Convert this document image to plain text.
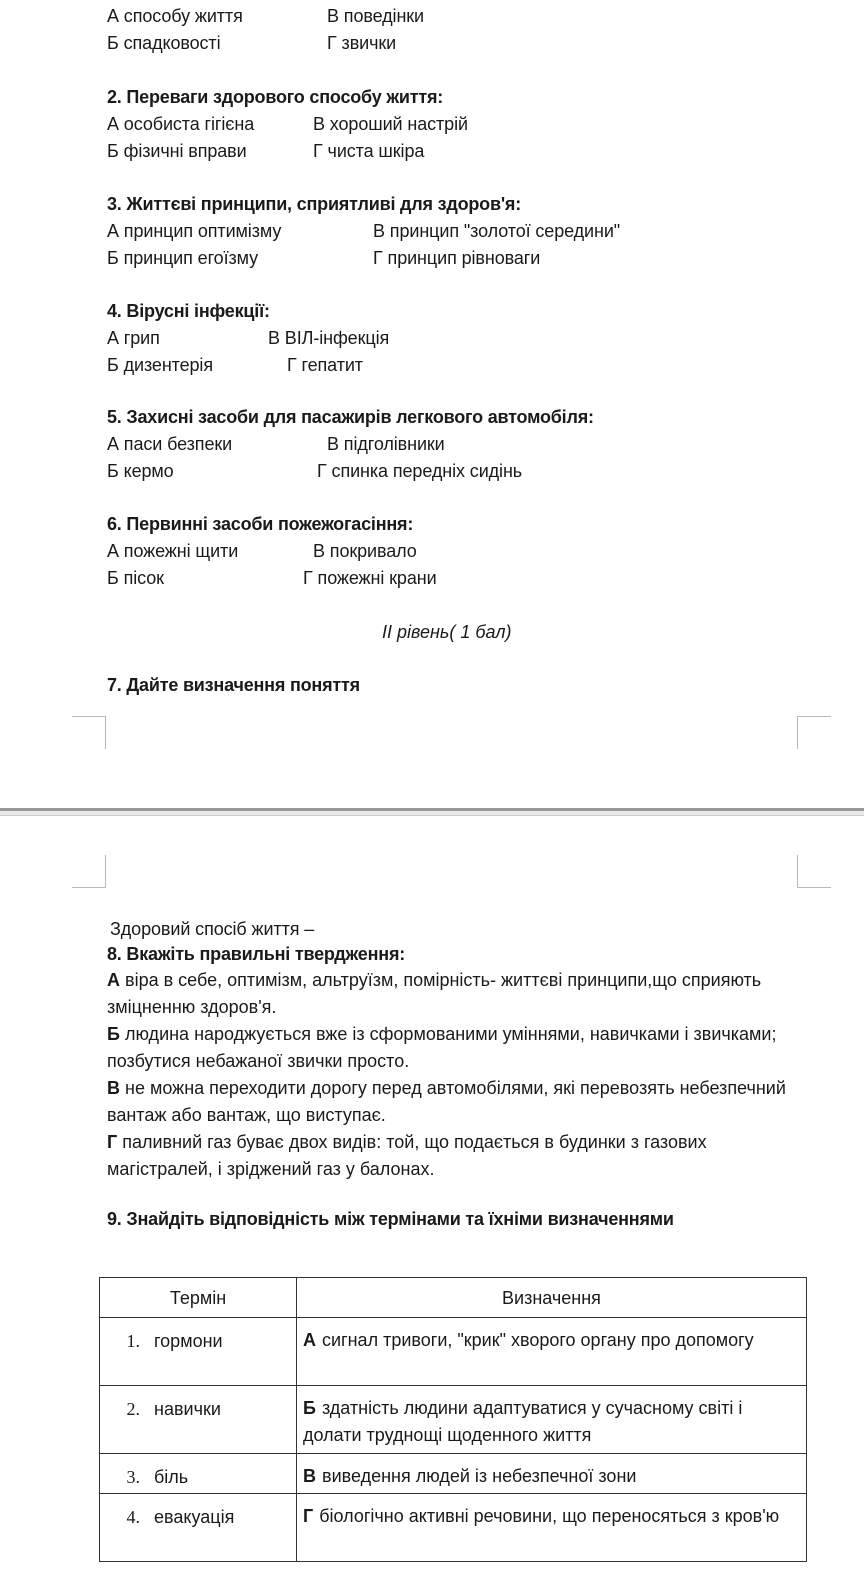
А способу життя	В поведінки
Б спадковості	Г звички
2. Переваги здорового способу життя:
А особиста гігієна	В хороший настрій
Б фізичні вправи	Г чиста шкіра
3. Життєві принципи, сприятливі для здоров'я:
А принцип оптимізму	В принцип "золотої середини"
Б принцип егоїзму	Г принцип рівноваги
4. Вірусні інфекції:
А грип	В ВІЛ-інфекція
Б дизентерія	Г гепатит
5. Захисні засоби для пасажирів легкового автомобіля:
А паси безпеки	В підголівники
Б кермо	Г спинка передніх сидінь
6. Первинні засоби пожежогасіння:
А пожежні щити	В покривало
Б пісок	Г пожежні крани
ІІ рівень( 1 бал)
7. Дайте визначення поняття
Здоровий спосіб життя –
8. Вкажіть правильні твердження:
А віра в себе, оптимізм, альтруїзм, помірність- життєві принципи,що сприяють зміцненню здоров'я.
Б людина народжується вже із сформованими уміннями, навичками і звичками; позбутися небажаної звички просто.
В не можна переходити дорогу перед автомобілями, які перевозять небезпечний вантаж або вантаж, що виступає.
Г паливний газ буває двох видів: той, що подається в будинки з газових магістралей, і зріджений газ у балонах.
9. Знайдіть відповідність між термінами та їхніми визначеннями
Термін	Визначення
1. гормони	А сигнал тривоги, "крик" хворого органу про допомогу
2. навички	Б здатність людини адаптуватися у сучасному світі і долати труднощі щоденного життя
3. біль	В виведення людей із небезпечної зони
4. евакуація	Г біологічно активні речовини, що переносяться з кров'ю
